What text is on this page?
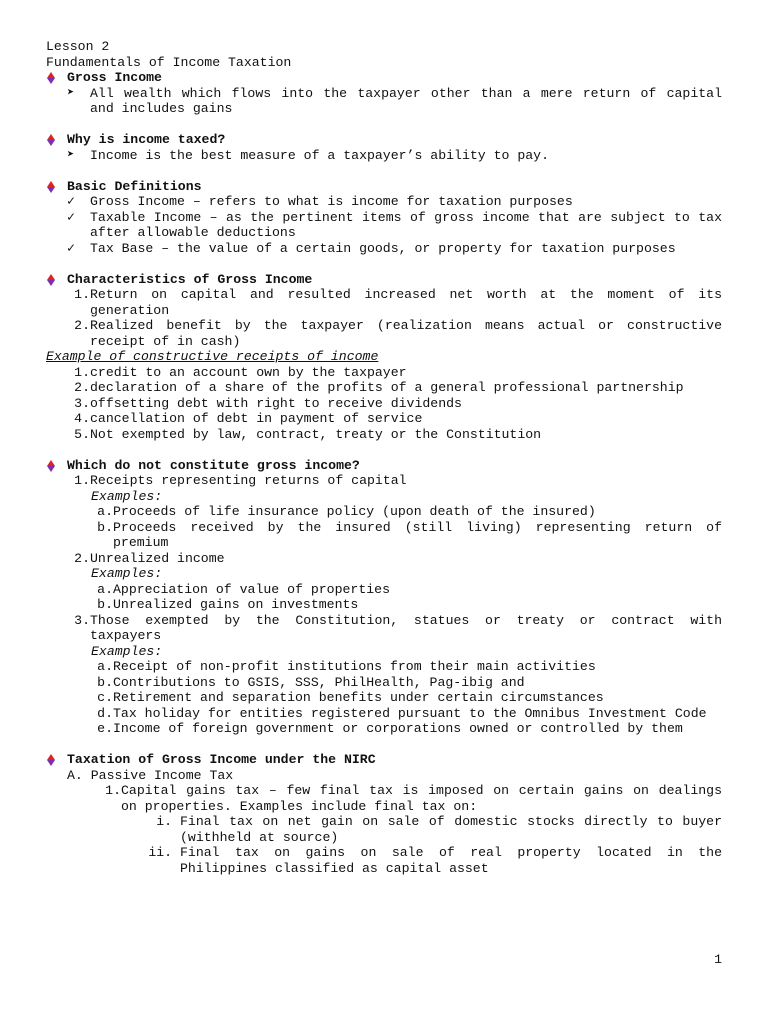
Lesson 2
Fundamentals of Income Taxation
Gross Income
➤	All wealth which flows into the taxpayer other than a mere return of capital and includes gains
Why is income taxed?
➤	Income is the best measure of a taxpayer’s ability to pay.
Basic Definitions
✓	Gross Income – refers to what is income for taxation purposes
✓	Taxable Income – as the pertinent items of gross income that are subject to tax after allowable deductions
✓	Tax Base – the value of a certain goods, or property for taxation purposes
Characteristics of Gross Income
1. Return on capital and resulted increased net worth at the moment of its generation
2. Realized benefit by the taxpayer (realization means actual or constructive receipt of in cash)
Example of constructive receipts of income
1. credit to an account own by the taxpayer
2. declaration of a share of the profits of a general professional partnership
3. offsetting debt with right to receive dividends
4. cancellation of debt in payment of service
5. Not exempted by law, contract, treaty or the Constitution
Which do not constitute gross income?
1. Receipts representing returns of capital
Examples:
a. Proceeds of life insurance policy (upon death of the insured)
b. Proceeds received by the insured (still living) representing return of premium
2. Unrealized income
Examples:
a. Appreciation of value of properties
b. Unrealized gains on investments
3. Those exempted by the Constitution, statues or treaty or contract with taxpayers
Examples:
a. Receipt of non-profit institutions from their main activities
b. Contributions to GSIS, SSS, PhilHealth, Pag-ibig and
c. Retirement and separation benefits under certain circumstances
d. Tax holiday for entities registered pursuant to the Omnibus Investment Code
e. Income of foreign government or corporations owned or controlled by them
Taxation of Gross Income under the NIRC
A. Passive Income Tax
1. Capital gains tax – few final tax is imposed on certain gains on dealings on properties. Examples include final tax on:
i. Final tax on net gain on sale of domestic stocks directly to buyer (withheld at source)
ii. Final tax on gains on sale of real property located in the Philippines classified as capital asset
1
